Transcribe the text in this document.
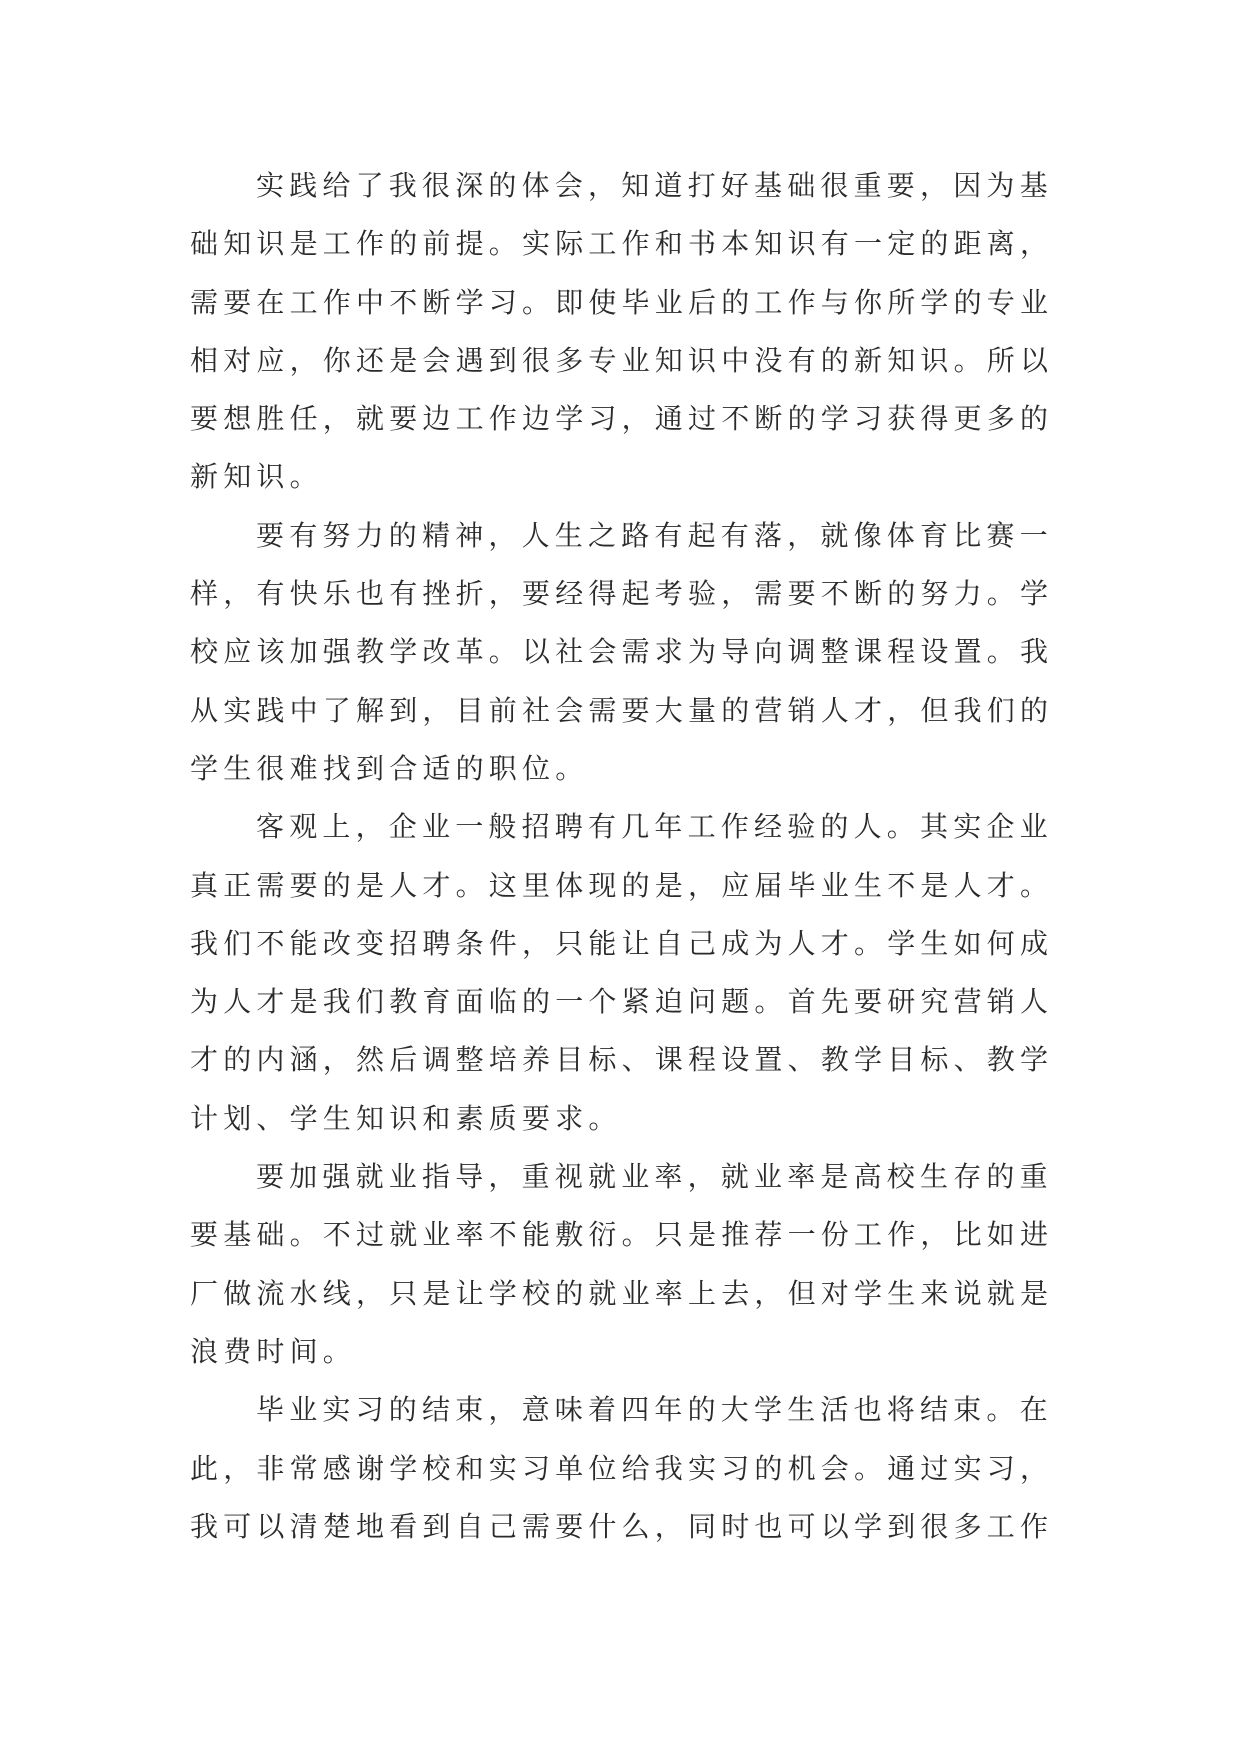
实践给了我很深的体会，知道打好基础很重要，因为基
础知识是工作的前提。实际工作和书本知识有一定的距离，
需要在工作中不断学习。即使毕业后的工作与你所学的专业
相对应，你还是会遇到很多专业知识中没有的新知识。所以
要想胜任，就要边工作边学习，通过不断的学习获得更多的
新知识。
要有努力的精神，人生之路有起有落，就像体育比赛一
样，有快乐也有挫折，要经得起考验，需要不断的努力。学
校应该加强教学改革。以社会需求为导向调整课程设置。我
从实践中了解到，目前社会需要大量的营销人才，但我们的
学生很难找到合适的职位。
客观上，企业一般招聘有几年工作经验的人。其实企业
真正需要的是人才。这里体现的是，应届毕业生不是人才。
我们不能改变招聘条件，只能让自己成为人才。学生如何成
为人才是我们教育面临的一个紧迫问题。首先要研究营销人
才的内涵，然后调整培养目标、课程设置、教学目标、教学
计划、学生知识和素质要求。
要加强就业指导，重视就业率，就业率是高校生存的重
要基础。不过就业率不能敷衍。只是推荐一份工作，比如进
厂做流水线，只是让学校的就业率上去，但对学生来说就是
浪费时间。
毕业实习的结束，意味着四年的大学生活也将结束。在
此，非常感谢学校和实习单位给我实习的机会。通过实习，
我可以清楚地看到自己需要什么，同时也可以学到很多工作
